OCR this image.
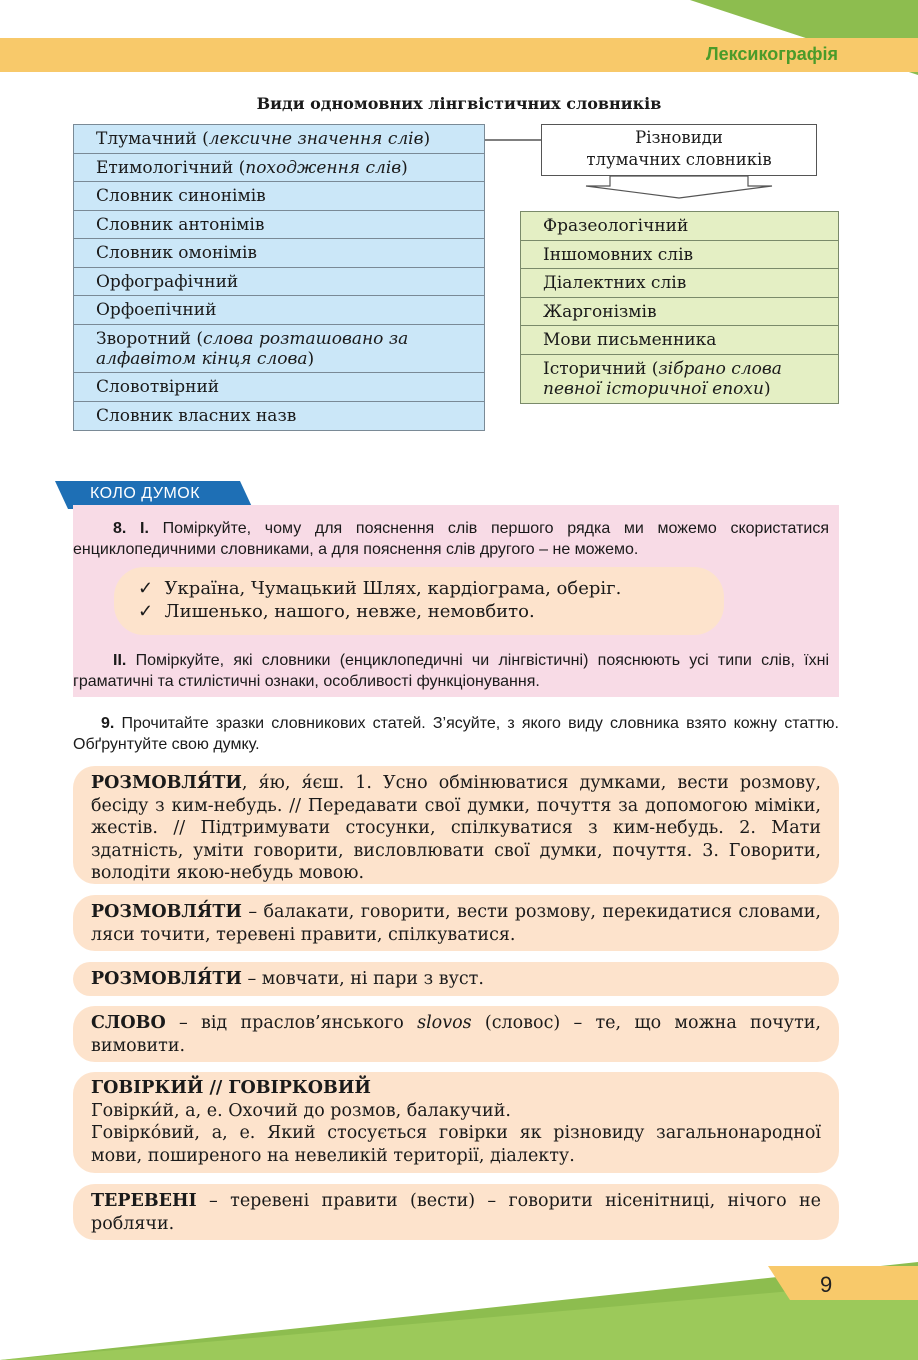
Лексикографія
Види одномовних лінгвістичних словників
Тлумачний (лексичне значення слів)
Етимологічний (походження слів)
Словник синонімів
Словник антонімів
Словник омонімів
Орфографічний
Орфоепічний
Зворотний (слова розташовано за алфавітом кінця слова)
Словотвірний
Словник власних назв
Різновиди
тлумачних словників
Фразеологічний
Іншомовних слів
Діалектних слів
Жаргонізмів
Мови письменника
Історичний (зібрано слова певної історичної епохи)
КОЛО ДУМОК
8. І. Поміркуйте, чому для пояснення слів першого рядка ми можемо скористатися енциклопедичними словниками, а для пояснення слів другого – не можемо.
✓ Україна, Чумацький Шлях, кардіограма, оберіг.
✓ Лишенько, нашого, невже, немовбито.
ІІ. Поміркуйте, які словники (енциклопедичні чи лінгвістичні) пояснюють усі типи слів, їхні граматичні та стилістичні ознаки, особливості функціонування.
9. Прочитайте зразки словникових статей. З’ясуйте, з якого виду словника взято кожну статтю. Обґрунтуйте свою думку.
РОЗМОВЛЯ́ТИ, я́ю, я́єш. 1. Усно обмінюватися думками, вести розмову, бесіду з ким-небудь. // Передавати свої думки, почуття за допомогою міміки, жестів. // Підтримувати стосунки, спілкуватися з ким-небудь. 2. Мати здатність, уміти говорити, висловлювати свої думки, почуття. 3. Говорити, володіти якою-небудь мовою.
РОЗМОВЛЯ́ТИ – балакати, говорити, вести розмову, перекидатися словами, ляси точити, теревені правити, спілкуватися.
РОЗМОВЛЯ́ТИ – мовчати, ні пари з вуст.
СЛОВО – від праслов’янського slovos (словос) – те, що можна почути, вимовити.
ГОВІРКИЙ // ГОВІРКОВИЙ
Говірки́й, а, е. Охочий до розмов, балакучий.
Говірко́вий, а, е. Який стосується говірки як різновиду загальнонародної мови, поширеного на невеликій території, діалекту.
ТЕРЕВЕНІ – теревені правити (вести) – говорити нісенітниці, нічого не роблячи.
9
